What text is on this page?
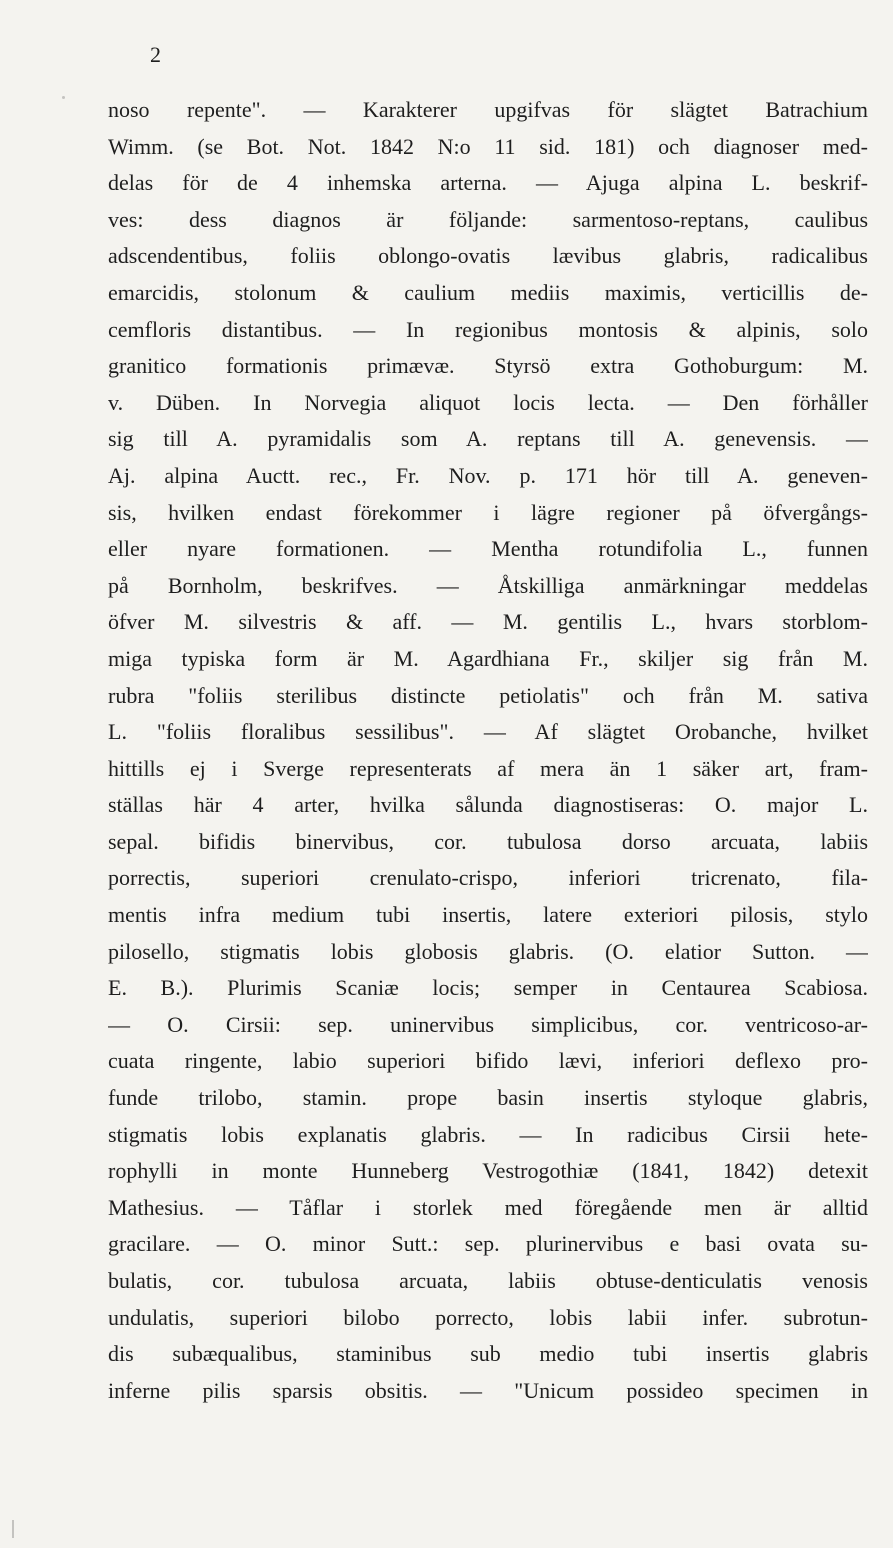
2
noso repente". — Karakterer upgifvas för slägtet Batrachium
Wimm. (se Bot. Not. 1842 N:o 11 sid. 181) och diagnoser med-
delas för de 4 inhemska arterna. — Ajuga alpina L. beskrif-
ves: dess diagnos är följande: sarmentoso-reptans, caulibus
adscendentibus, foliis oblongo-ovatis lævibus glabris, radicalibus
emarcidis, stolonum & caulium mediis maximis, verticillis de-
cemfloris distantibus. — In regionibus montosis & alpinis, solo
granitico formationis primævæ. Styrsö extra Gothoburgum: M.
v. Düben. In Norvegia aliquot locis lecta. — Den förhåller
sig till A. pyramidalis som A. reptans till A. genevensis. —
Aj. alpina Auctt. rec., Fr. Nov. p. 171 hör till A. geneven-
sis, hvilken endast förekommer i lägre regioner på öfvergångs-
eller nyare formationen. — Mentha rotundifolia L., funnen
på Bornholm, beskrifves. — Åtskilliga anmärkningar meddelas
öfver M. silvestris & aff. — M. gentilis L., hvars storblom-
miga typiska form är M. Agardhiana Fr., skiljer sig från M.
rubra "foliis sterilibus distincte petiolatis" och från M. sativa
L. "foliis floralibus sessilibus". — Af slägtet Orobanche, hvilket
hittills ej i Sverge representerats af mera än 1 säker art, fram-
ställas här 4 arter, hvilka sålunda diagnostiseras: O. major L.
sepal. bifidis binervibus, cor. tubulosa dorso arcuata, labiis
porrectis, superiori crenulato-crispo, inferiori tricrenato, fila-
mentis infra medium tubi insertis, latere exteriori pilosis, stylo
pilosello, stigmatis lobis globosis glabris. (O. elatior Sutton. —
E. B.). Plurimis Scaniæ locis; semper in Centaurea Scabiosa.
— O. Cirsii: sep. uninervibus simplicibus, cor. ventricoso-ar-
cuata ringente, labio superiori bifido lævi, inferiori deflexo pro-
funde trilobo, stamin. prope basin insertis styloque glabris,
stigmatis lobis explanatis glabris. — In radicibus Cirsii hete-
rophylli in monte Hunneberg Vestrogothiæ (1841, 1842) detexit
Mathesius. — Tåflar i storlek med föregående men är alltid
gracilare. — O. minor Sutt.: sep. plurinervibus e basi ovata su-
bulatis, cor. tubulosa arcuata, labiis obtuse-denticulatis venosis
undulatis, superiori bilobo porrecto, lobis labii infer. subrotun-
dis subæqualibus, staminibus sub medio tubi insertis glabris
inferne pilis sparsis obsitis. — "Unicum possideo specimen in
